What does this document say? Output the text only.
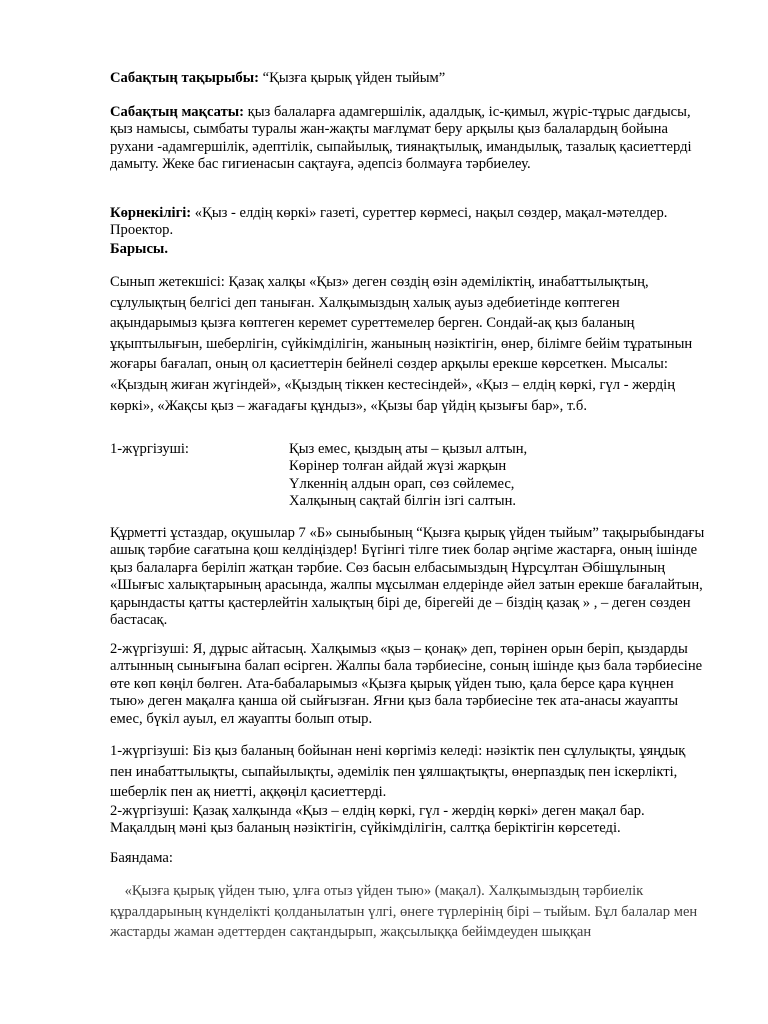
Сабақтың тақырыбы: “Қызға қырық үйден тыйым”

Сабақтың мақсаты: қыз балаларға адамгершілік, адалдық, іс-қимыл, жүріс-тұрыс дағдысы, қыз намысы, сымбаты туралы жан-жақты мағлұмат беру арқылы қыз балалардың бойына рухани -адамгершілік, әдептілік, сыпайылық, тиянақтылық, имандылық, тазалық қасиеттерді дамыту. Жеке бас гигиенасын сақтауға, әдепсіз болмауға тәрбиелеу.

Көрнекілігі: «Қыз - елдің көркі» газеті, суреттер көрмесі, нақыл сөздер, мақал-мәтелдер. Проектор.

Барысы.

Сынып жетекшісі: Қазақ халқы «Қыз» деген сөздің өзін әдеміліктің, инабаттылықтың, сұлулықтың белгісі деп таныған. Халқымыздың халық ауыз әдебиетінде көптеген ақындарымыз қызға көптеген керемет суреттемелер берген. Сондай-ақ қыз баланың ұқыптылығын, шеберлігін, сүйкімділігін, жанының нәзіктігін, өнер, білімге бейім тұратынын жоғары бағалап, оның ол қасиеттерін бейнелі сөздер арқылы ерекше көрсеткен. Мысалы: «Қыздың жиған жүгіндей», «Қыздың тіккен кестесіндей», «Қыз – елдің көркі, гүл - жердің көркі», «Жақсы қыз – жағадағы құндыз», «Қызы бар үйдің қызығы бар», т.б.

1-жүргізуші:	Қыз емес, қыздың аты – қызыл алтын,
Көрінер толған айдай жүзі жарқын
Үлкеннің алдын орап, сөз сөйлемес,
Халқының сақтай білгін ізгі салтын.

Құрметті ұстаздар, оқушылар 7 «Б» сыныбының “Қызға қырық үйден тыйым” тақырыбындағы ашық тәрбие сағатына қош келдіңіздер! Бүгінгі тілге тиек болар әңгіме жастарға, оның ішінде қыз балаларға беріліп жатқан тәрбие. Сөз басын елбасымыздың Нұрсұлтан Әбішұлының «Шығыс халықтарының арасында, жалпы мұсылман елдерінде әйел затын ерекше бағалайтын, қарындасты қатты қастерлейтін халықтың бірі де, бірегейі де – біздің қазақ » , – деген сөзден бастасақ.

2-жүргізуші: Я, дұрыс айтасың. Халқымыз «қыз – қонақ» деп, төрінен орын беріп, қыздарды алтынның сынығына балап өсірген. Жалпы бала тәрбиесіне, соның ішінде қыз бала тәрбиесіне өте көп көңіл бөлген. Ата-бабаларымыз «Қызға қырық үйден тыю, қала берсе қара күңнен тыю» деген мақалға қанша ой сыйғызған. Яғни қыз бала тәрбиесіне тек ата-анасы жауапты емес, бүкіл ауыл, ел жауапты болып отыр.

1-жүргізуші: Біз қыз баланың бойынан нені көргіміз келеді: нәзіктік пен сұлулықты, ұяңдық пен инабаттылықты, сыпайылықты, әдемілік пен ұялшақтықты, өнерпаздық пен іскерлікті, шеберлік пен ақ ниетті, аққөңіл қасиеттерді.

2-жүргізуші: Қазақ халқында «Қыз – елдің көркі, гүл - жердің көркі» деген мақал бар. Мақалдың мәні қыз баланың нәзіктігін, сүйкімділігін, салтқа беріктігін көрсетеді.

Баяндама:

«Қызға қырық үйден тыю, ұлға отыз үйден тыю» (мақал). Халқымыздың тәрбиелік құралдарының күнделікті қолданылатын үлгі, өнеге түрлерінің бірі – тыйым. Бұл балалар мен жастарды жаман әдеттерден сақтандырып, жақсылыққа бейімдеуден шыққан
